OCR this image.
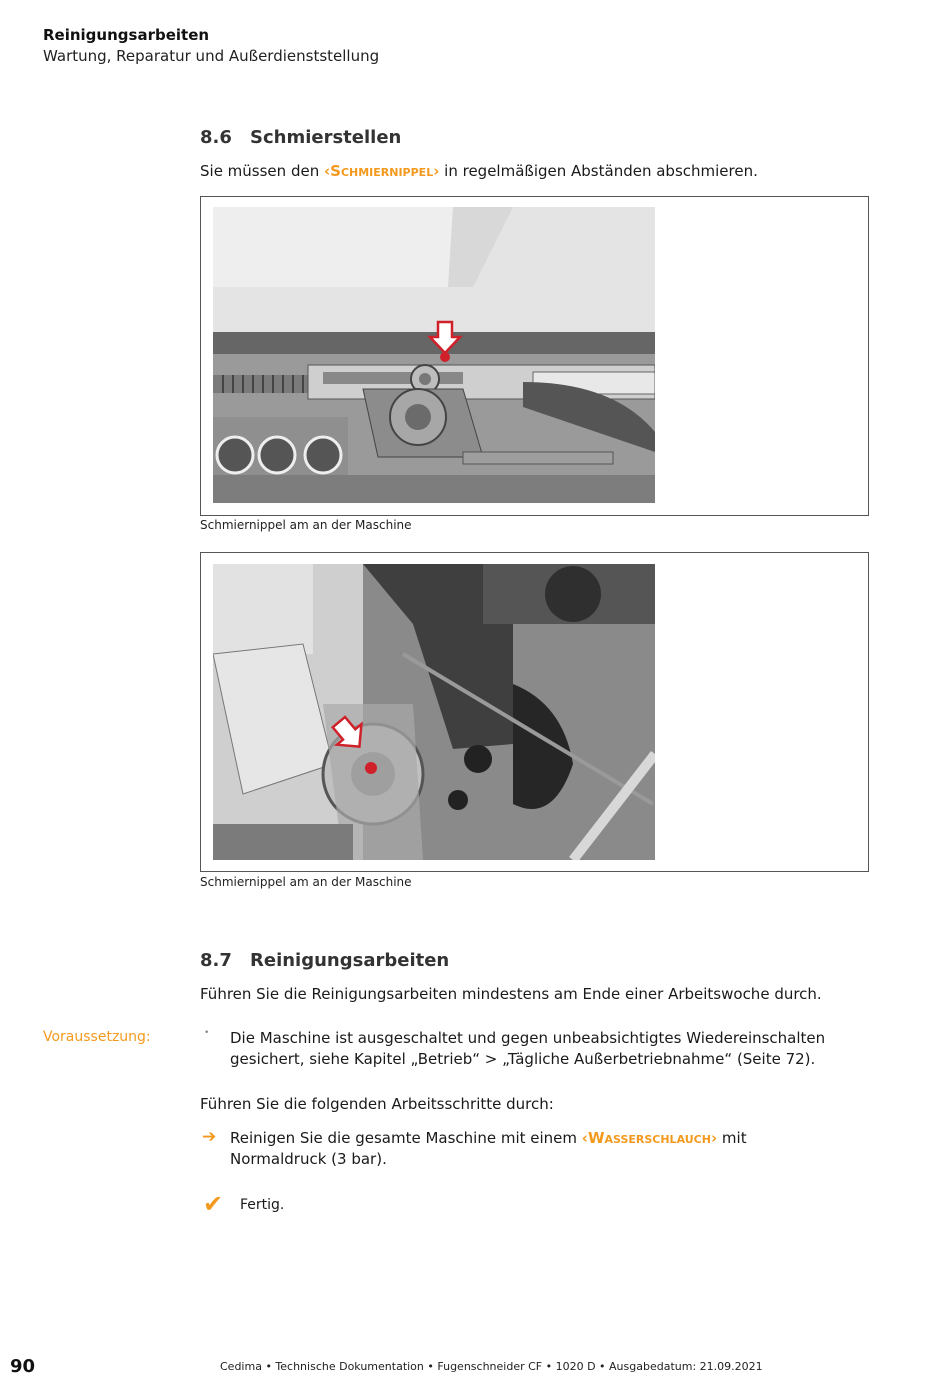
Reinigungsarbeiten
Wartung, Reparatur und Außerdienststellung
8.6 Schmierstellen
Sie müssen den ‹Schmiernippel› in regelmäßigen Abständen abschmieren.
Schmiernippel am an der Maschine
Schmiernippel am an der Maschine
8.7 Reinigungsarbeiten
Führen Sie die Reinigungsarbeiten mindestens am Ende einer Arbeitswoche durch.
Voraussetzung:	• Die Maschine ist ausgeschaltet und gegen unbeabsichtigtes Wiedereinschalten
gesichert, siehe Kapitel „Betrieb“ > „Tägliche Außerbetriebnahme“ (Seite 72).
Führen Sie die folgenden Arbeitsschritte durch:
➔ Reinigen Sie die gesamte Maschine mit einem ‹Wasserschlauch› mit
Normaldruck (3 bar).
✔ Fertig.
90	Cedima • Technische Dokumentation • Fugenschneider CF • 1020 D • Ausgabedatum: 21.09.2021
